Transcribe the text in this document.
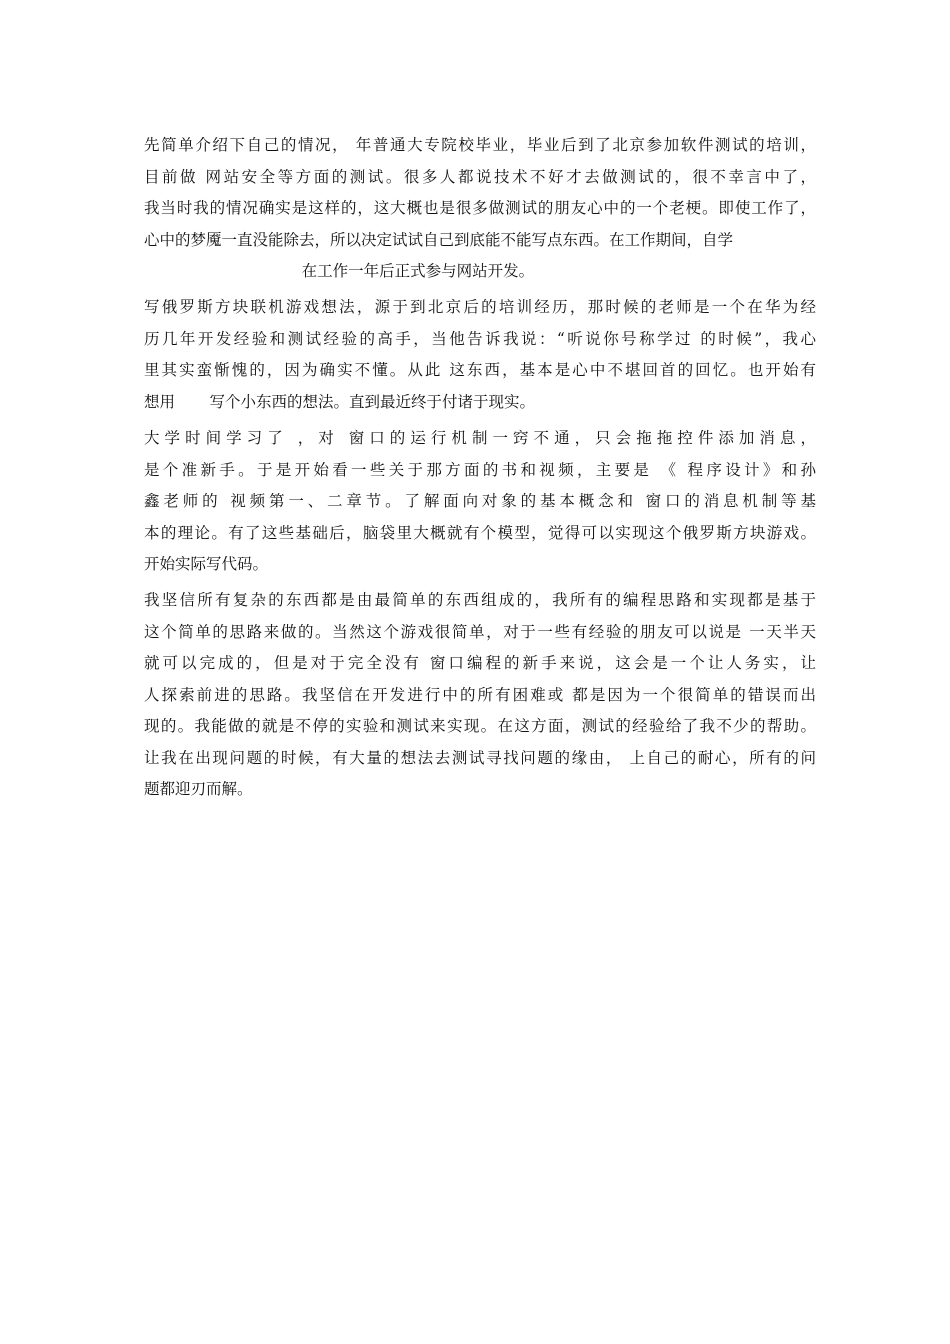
先简单介绍下自己的情况， 年普通大专院校毕业，毕业后到了北京参加软件测试的培训，
目前做 网站安全等方面的测试。很多人都说技术不好才去做测试的，很不幸言中了，
我当时我的情况确实是这样的，这大概也是很多做测试的朋友心中的一个老梗。即使工作了，
心中的梦魇一直没能除去，所以决定试试自己到底能不能写点东西。在工作期间，自学
在工作一年后正式参与网站开发。
写俄罗斯方块联机游戏想法，源于到北京后的培训经历，那时候的老师是一个在华为经
历几年开发经验和测试经验的高手，当他告诉我说：“听说你号称学过 的时候”，我心
里其实蛮惭愧的，因为确实不懂。从此 这东西，基本是心中不堪回首的回忆。也开始有
想用       写个小东西的想法。直到最近终于付诸于现实。
大学时间学习了 ，对 窗口的运行机制一窍不通，只会拖拖控件添加消息，
是个准新手。于是开始看一些关于那方面的书和视频，主要是 《 程序设计》和孙
鑫老师的 视频第一、二章节。了解面向对象的基本概念和 窗口的消息机制等基
本的理论。有了这些基础后，脑袋里大概就有个模型，觉得可以实现这个俄罗斯方块游戏。
开始实际写代码。
我坚信所有复杂的东西都是由最简单的东西组成的，我所有的编程思路和实现都是基于
这个简单的思路来做的。当然这个游戏很简单，对于一些有经验的朋友可以说是 一天半天
就可以完成的，但是对于完全没有 窗口编程的新手来说，这会是一个让人务实，让
人探索前进的思路。我坚信在开发进行中的所有困难或 都是因为一个很简单的错误而出
现的。我能做的就是不停的实验和测试来实现。在这方面，测试的经验给了我不少的帮助。
让我在出现问题的时候，有大量的想法去测试寻找问题的缘由， 上自己的耐心，所有的问
题都迎刃而解。
